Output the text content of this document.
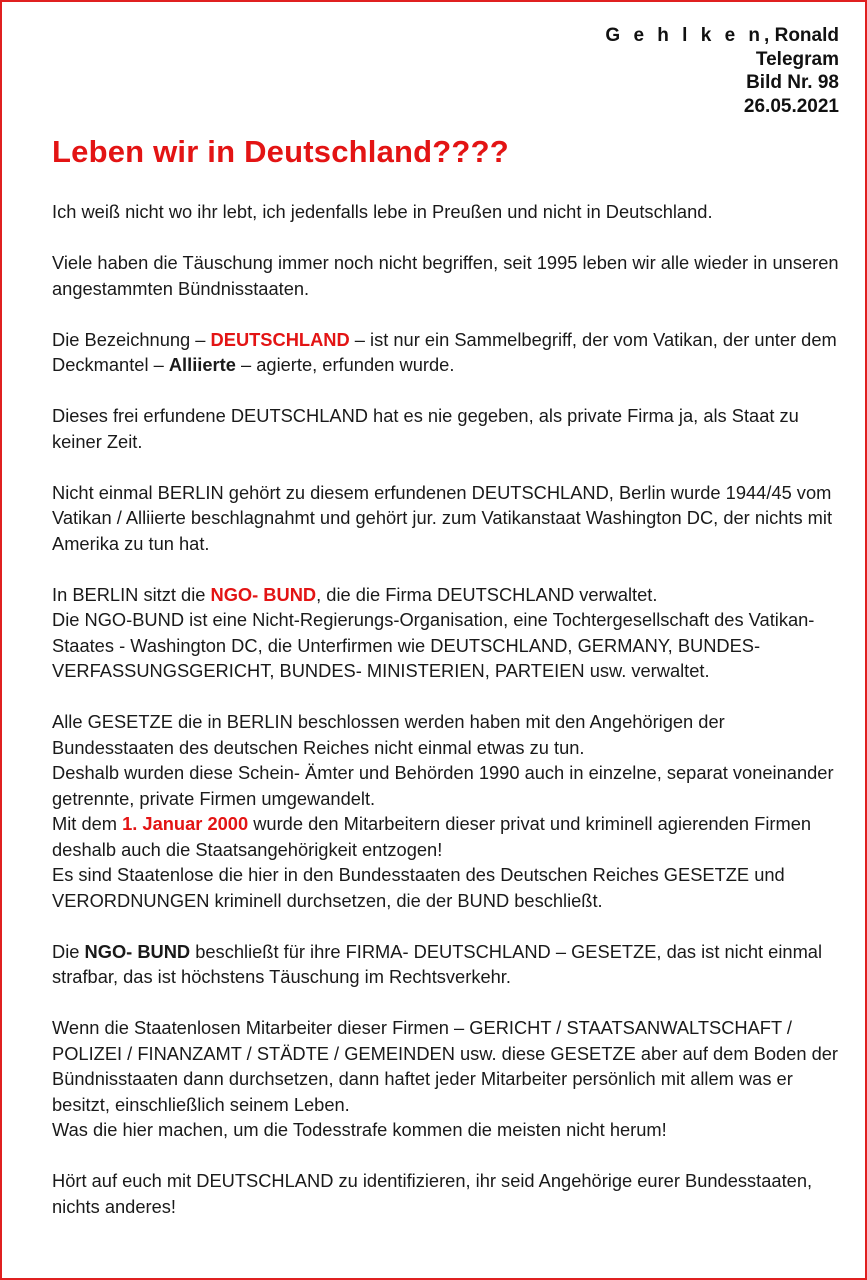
G e h l k e n, Ronald
Telegram
Bild Nr. 98
26.05.2021
Leben wir in Deutschland????

Ich weiß nicht wo ihr lebt, ich jedenfalls lebe in Preußen und nicht in Deutschland.

Viele haben die Täuschung immer noch nicht begriffen, seit 1995 leben wir alle wieder in unseren angestammten Bündnisstaaten.

Die Bezeichnung – DEUTSCHLAND – ist nur ein Sammelbegriff, der vom Vatikan, der unter dem Deckmantel – Alliierte – agierte, erfunden wurde.

Dieses frei erfundene DEUTSCHLAND hat es nie gegeben, als private Firma ja, als Staat zu keiner Zeit.

Nicht einmal BERLIN gehört zu diesem erfundenen DEUTSCHLAND, Berlin wurde 1944/45 vom Vatikan / Alliierte beschlagnahmt und gehört jur. zum Vatikanstaat Washington DC, der nichts mit Amerika zu tun hat.

In BERLIN sitzt die NGO- BUND, die die Firma DEUTSCHLAND verwaltet.
Die NGO-BUND ist eine Nicht-Regierungs-Organisation, eine Tochtergesellschaft des Vatikan- Staates - Washington DC, die Unterfirmen wie DEUTSCHLAND, GERMANY, BUNDES- VERFASSUNGSGERICHT, BUNDES- MINISTERIEN, PARTEIEN usw. verwaltet.

Alle GESETZE die in BERLIN beschlossen werden haben mit den Angehörigen der Bundesstaaten des deutschen Reiches nicht einmal etwas zu tun.
Deshalb wurden diese Schein- Ämter und Behörden 1990 auch in einzelne, separat voneinander getrennte, private Firmen umgewandelt.
Mit dem 1. Januar 2000 wurde den Mitarbeitern dieser privat und kriminell agierenden Firmen deshalb auch die Staatsangehörigkeit entzogen!
Es sind Staatenlose die hier in den Bundesstaaten des Deutschen Reiches GESETZE und VERORDNUNGEN kriminell durchsetzen, die der BUND beschließt.

Die NGO- BUND beschließt für ihre FIRMA- DEUTSCHLAND – GESETZE, das ist nicht einmal strafbar, das ist höchstens Täuschung im Rechtsverkehr.

Wenn die Staatenlosen Mitarbeiter dieser Firmen – GERICHT / STAATSANWALTSCHAFT / POLIZEI / FINANZAMT / STÄDTE / GEMEINDEN usw. diese GESETZE aber auf dem Boden der Bündnisstaaten dann durchsetzen, dann haftet jeder Mitarbeiter persönlich mit allem was er besitzt, einschließlich seinem Leben.
Was die hier machen, um die Todesstrafe kommen die meisten nicht herum!

Hört auf euch mit DEUTSCHLAND zu identifizieren, ihr seid Angehörige eurer Bundesstaaten, nichts anderes!
